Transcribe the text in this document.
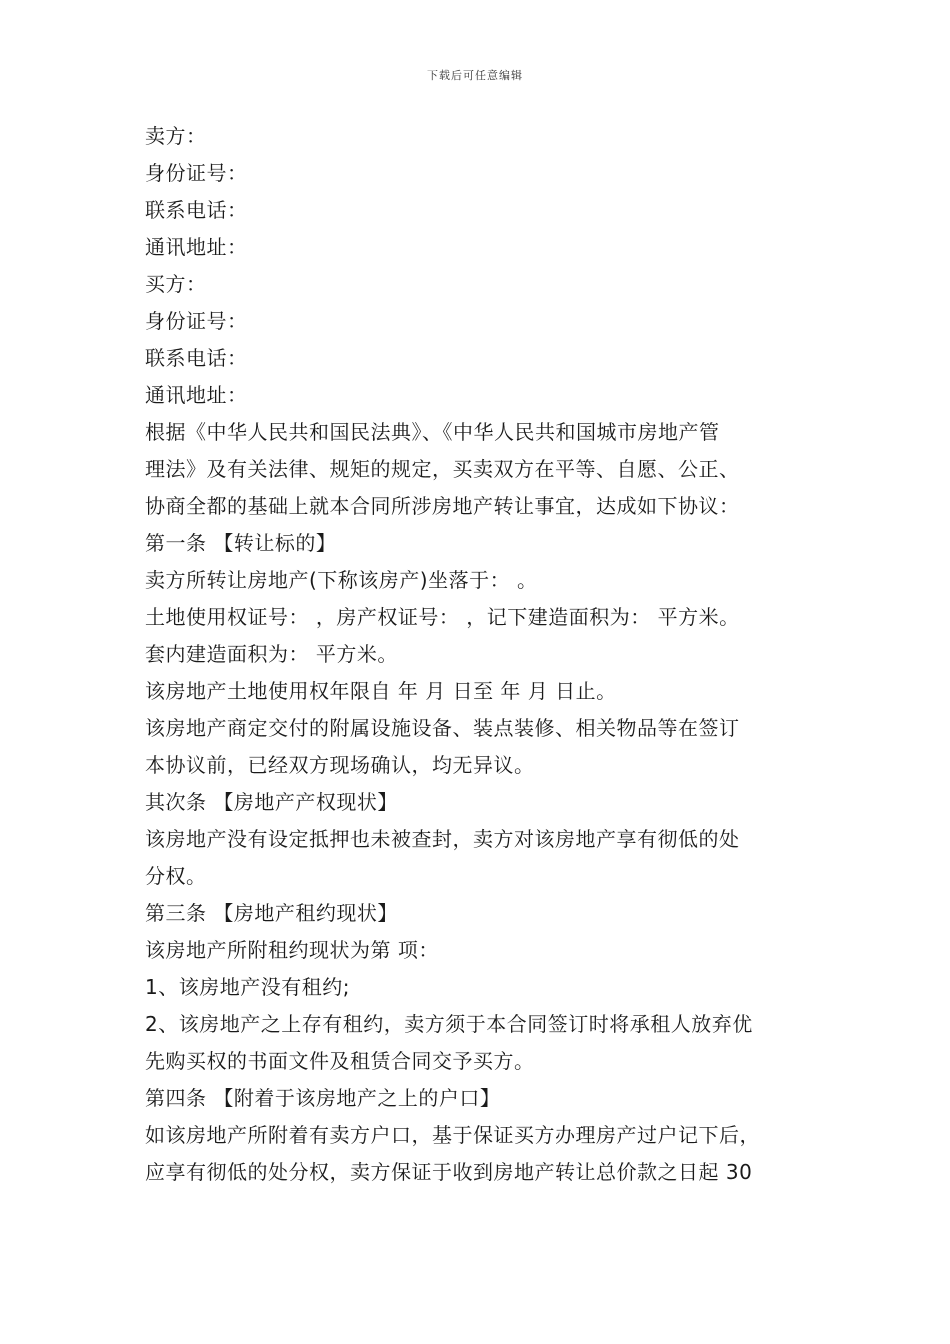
下载后可任意编辑
卖方：
身份证号：
联系电话：
通讯地址：
买方：
身份证号：
联系电话：
通讯地址：
根据《中华人民共和国民法典》、《中华人民共和国城市房地产管
理法》及有关法律、规矩的规定，买卖双方在平等、自愿、公正、
协商全都的基础上就本合同所涉房地产转让事宜，达成如下协议：
第一条 【转让标的】
卖方所转让房地产(下称该房产)坐落于： 。
土地使用权证号： ，房产权证号： ，记下建造面积为： 平方米。
套内建造面积为： 平方米。
该房地产土地使用权年限自 年 月 日至 年 月 日止。
该房地产商定交付的附属设施设备、装点装修、相关物品等在签订
本协议前，已经双方现场确认，均无异议。
其次条 【房地产产权现状】
该房地产没有设定抵押也未被查封，卖方对该房地产享有彻低的处
分权。
第三条 【房地产租约现状】
该房地产所附租约现状为第 项：
1、该房地产没有租约;
2、该房地产之上存有租约，卖方须于本合同签订时将承租人放弃优
先购买权的书面文件及租赁合同交予买方。
第四条 【附着于该房地产之上的户口】
如该房地产所附着有卖方户口，基于保证买方办理房产过户记下后，
应享有彻低的处分权，卖方保证于收到房地产转让总价款之日起 30
